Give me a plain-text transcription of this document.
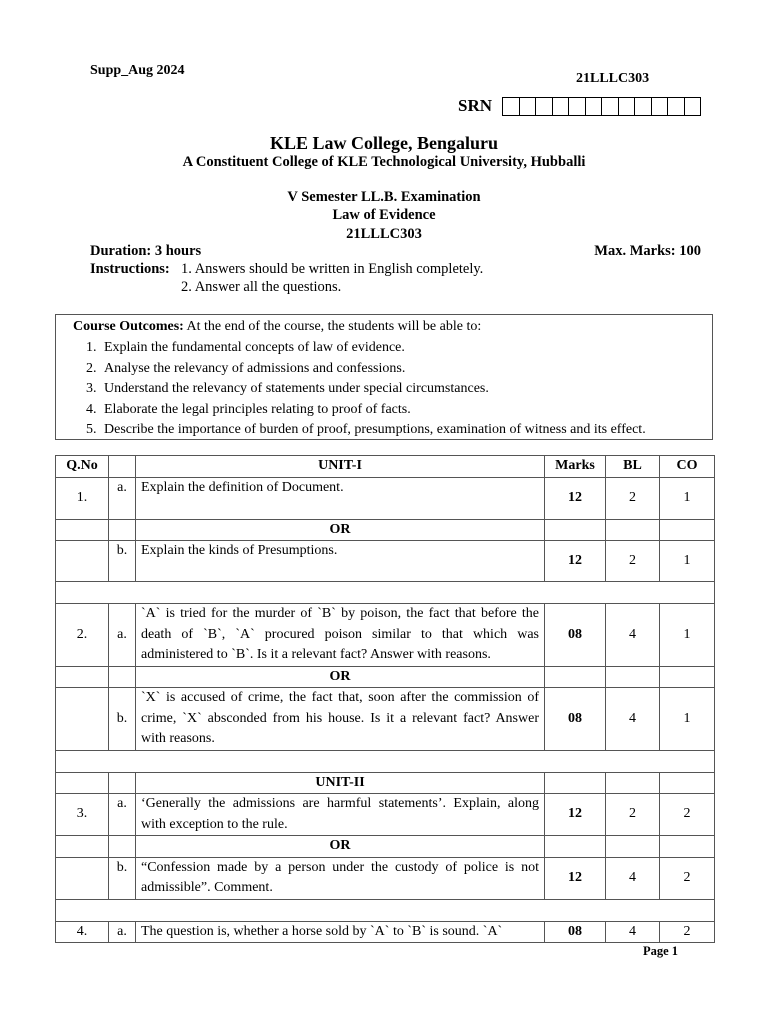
Supp_Aug 2024
21LLLC303
SRN
KLE Law College, Bengaluru
A Constituent College of KLE Technological University, Hubballi
V Semester LL.B. Examination
Law of Evidence
21LLLC303
Duration: 3 hours	Max. Marks: 100
Instructions: 1. Answers should be written in English completely.
2. Answer all the questions.
Course Outcomes: At the end of the course, the students will be able to:
1. Explain the fundamental concepts of law of evidence.
2. Analyse the relevancy of admissions and confessions.
3. Understand the relevancy of statements under special circumstances.
4. Elaborate the legal principles relating to proof of facts.
5. Describe the importance of burden of proof, presumptions, examination of witness and its effect.
Q.No		UNIT-I	Marks	BL	CO
1.	a.	Explain the definition of Document.	12	2	1
		OR			
	b.	Explain the kinds of Presumptions.	12	2	1

2.	a.	`A` is tried for the murder of `B` by poison, the fact that before the death of `B`, `A` procured poison similar to that which was administered to `B`. Is it a relevant fact? Answer with reasons.	08	4	1
		OR			
	b.	`X` is accused of crime, the fact that, soon after the commission of crime, `X` absconded from his house. Is it a relevant fact? Answer with reasons.	08	4	1

		UNIT-II			
3.	a.	‘Generally the admissions are harmful statements’. Explain, along with exception to the rule.	12	2	2
		OR			
	b.	“Confession made by a person under the custody of police is not admissible”. Comment.	12	4	2

4.	a.	The question is, whether a horse sold by `A` to `B` is sound. `A`	08	4	2
Page 1
